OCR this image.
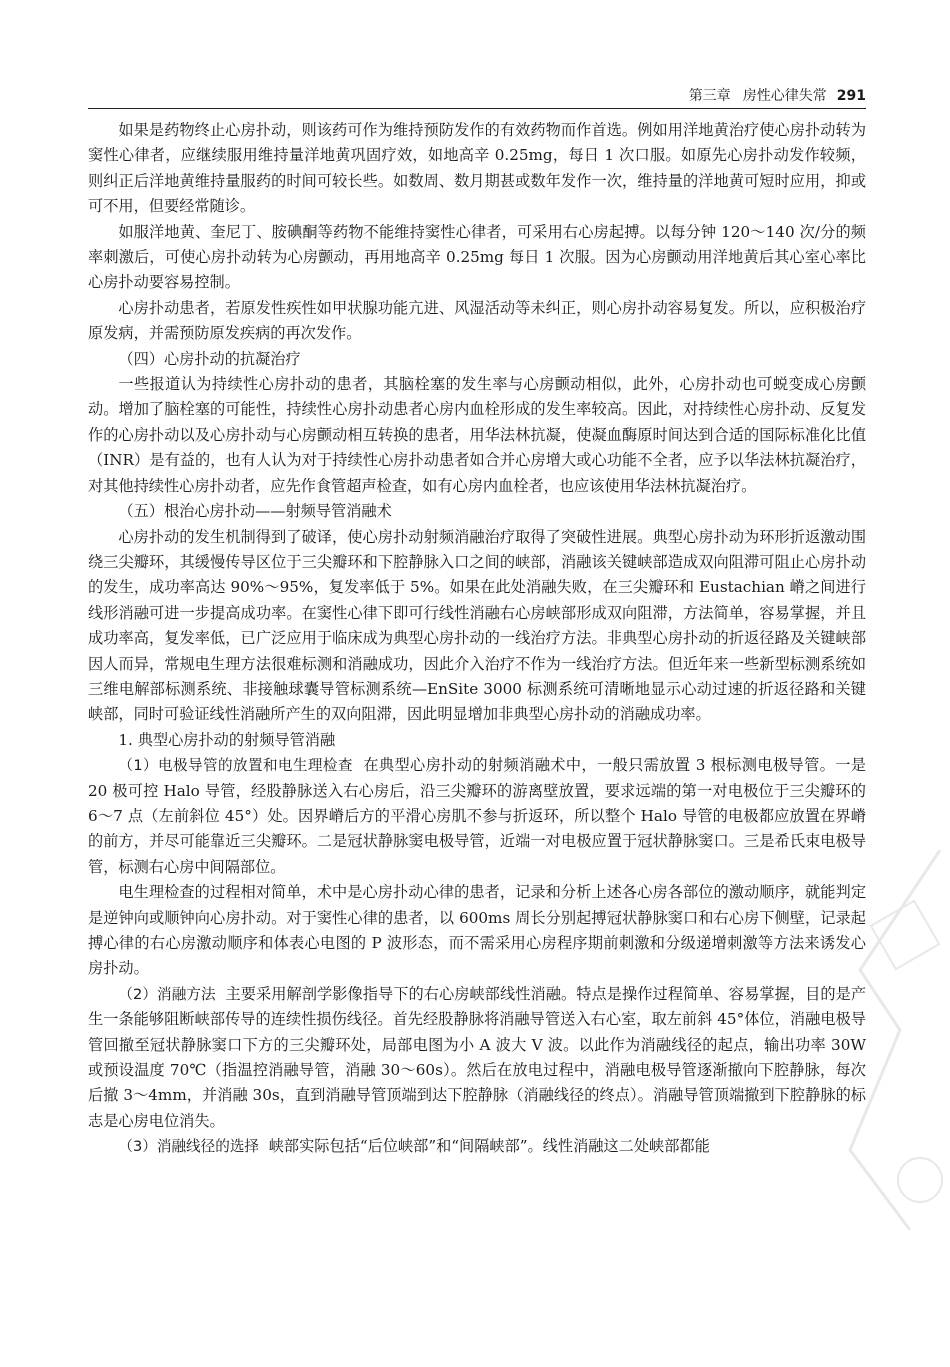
第三章 房性心律失常 291

如果是药物终止心房扑动，则该药可作为维持预防发作的有效药物而作首选。例如用洋地黄治疗使心房扑动转为窦性心律者，应继续服用维持量洋地黄巩固疗效，如地高辛 0.25mg，每日 1 次口服。如原先心房扑动发作较频，则纠正后洋地黄维持量服药的时间可较长些。如数周、数月期甚或数年发作一次，维持量的洋地黄可短时应用，抑或可不用，但要经常随诊。

如服洋地黄、奎尼丁、胺碘酮等药物不能维持窦性心律者，可采用右心房起搏。以每分钟 120～140 次/分的频率刺激后，可使心房扑动转为心房颤动，再用地高辛 0.25mg 每日 1 次服。因为心房颤动用洋地黄后其心室心率比心房扑动要容易控制。

心房扑动患者，若原发性疾性如甲状腺功能亢进、风湿活动等未纠正，则心房扑动容易复发。所以，应积极治疗原发病，并需预防原发疾病的再次发作。

（四）心房扑动的抗凝治疗

一些报道认为持续性心房扑动的患者，其脑栓塞的发生率与心房颤动相似，此外，心房扑动也可蜕变成心房颤动。增加了脑栓塞的可能性，持续性心房扑动患者心房内血栓形成的发生率较高。因此，对持续性心房扑动、反复发作的心房扑动以及心房扑动与心房颤动相互转换的患者，用华法林抗凝，使凝血酶原时间达到合适的国际标准化比值（INR）是有益的，也有人认为对于持续性心房扑动患者如合并心房增大或心功能不全者，应予以华法林抗凝治疗，对其他持续性心房扑动者，应先作食管超声检查，如有心房内血栓者，也应该使用华法林抗凝治疗。

（五）根治心房扑动——射频导管消融术

心房扑动的发生机制得到了破译，使心房扑动射频消融治疗取得了突破性进展。典型心房扑动为环形折返激动围绕三尖瓣环，其缓慢传导区位于三尖瓣环和下腔静脉入口之间的峡部，消融该关键峡部造成双向阻滞可阻止心房扑动的发生，成功率高达 90%～95%，复发率低于 5%。如果在此处消融失败，在三尖瓣环和 Eustachian 嵴之间进行线形消融可进一步提高成功率。在窦性心律下即可行线性消融右心房峡部形成双向阻滞，方法简单，容易掌握，并且成功率高，复发率低，已广泛应用于临床成为典型心房扑动的一线治疗方法。非典型心房扑动的折返径路及关键峡部因人而异，常规电生理方法很难标测和消融成功，因此介入治疗不作为一线治疗方法。但近年来一些新型标测系统如三维电解部标测系统、非接触球囊导管标测系统—EnSite 3000 标测系统可清晰地显示心动过速的折返径路和关键峡部，同时可验证线性消融所产生的双向阻滞，因此明显增加非典型心房扑动的消融成功率。

1. 典型心房扑动的射频导管消融

（1）电极导管的放置和电生理检查 在典型心房扑动的射频消融术中，一般只需放置 3 根标测电极导管。一是 20 极可控 Halo 导管，经股静脉送入右心房后，沿三尖瓣环的游离壁放置，要求远端的第一对电极位于三尖瓣环的 6～7 点（左前斜位 45°）处。因界嵴后方的平滑心房肌不参与折返环，所以整个 Halo 导管的电极都应放置在界嵴的前方，并尽可能靠近三尖瓣环。二是冠状静脉窦电极导管，近端一对电极应置于冠状静脉窦口。三是希氏束电极导管，标测右心房中间隔部位。

电生理检查的过程相对简单，术中是心房扑动心律的患者，记录和分析上述各心房各部位的激动顺序，就能判定是逆钟向或顺钟向心房扑动。对于窦性心律的患者，以 600ms 周长分别起搏冠状静脉窦口和右心房下侧壁，记录起搏心律的右心房激动顺序和体表心电图的 P 波形态，而不需采用心房程序期前刺激和分级递增刺激等方法来诱发心房扑动。

（2）消融方法 主要采用解剖学影像指导下的右心房峡部线性消融。特点是操作过程简单、容易掌握，目的是产生一条能够阻断峡部传导的连续性损伤线径。首先经股静脉将消融导管送入右心室，取左前斜 45°体位，消融电极导管回撤至冠状静脉窦口下方的三尖瓣环处，局部电图为小 A 波大 V 波。以此作为消融线径的起点，输出功率 30W 或预设温度 70℃（指温控消融导管，消融 30～60s）。然后在放电过程中，消融电极导管逐渐撤向下腔静脉，每次后撤 3～4mm，并消融 30s，直到消融导管顶端到达下腔静脉（消融线径的终点）。消融导管顶端撤到下腔静脉的标志是心房电位消失。

（3）消融线径的选择 峡部实际包括“后位峡部”和“间隔峡部”。线性消融这二处峡部都能
